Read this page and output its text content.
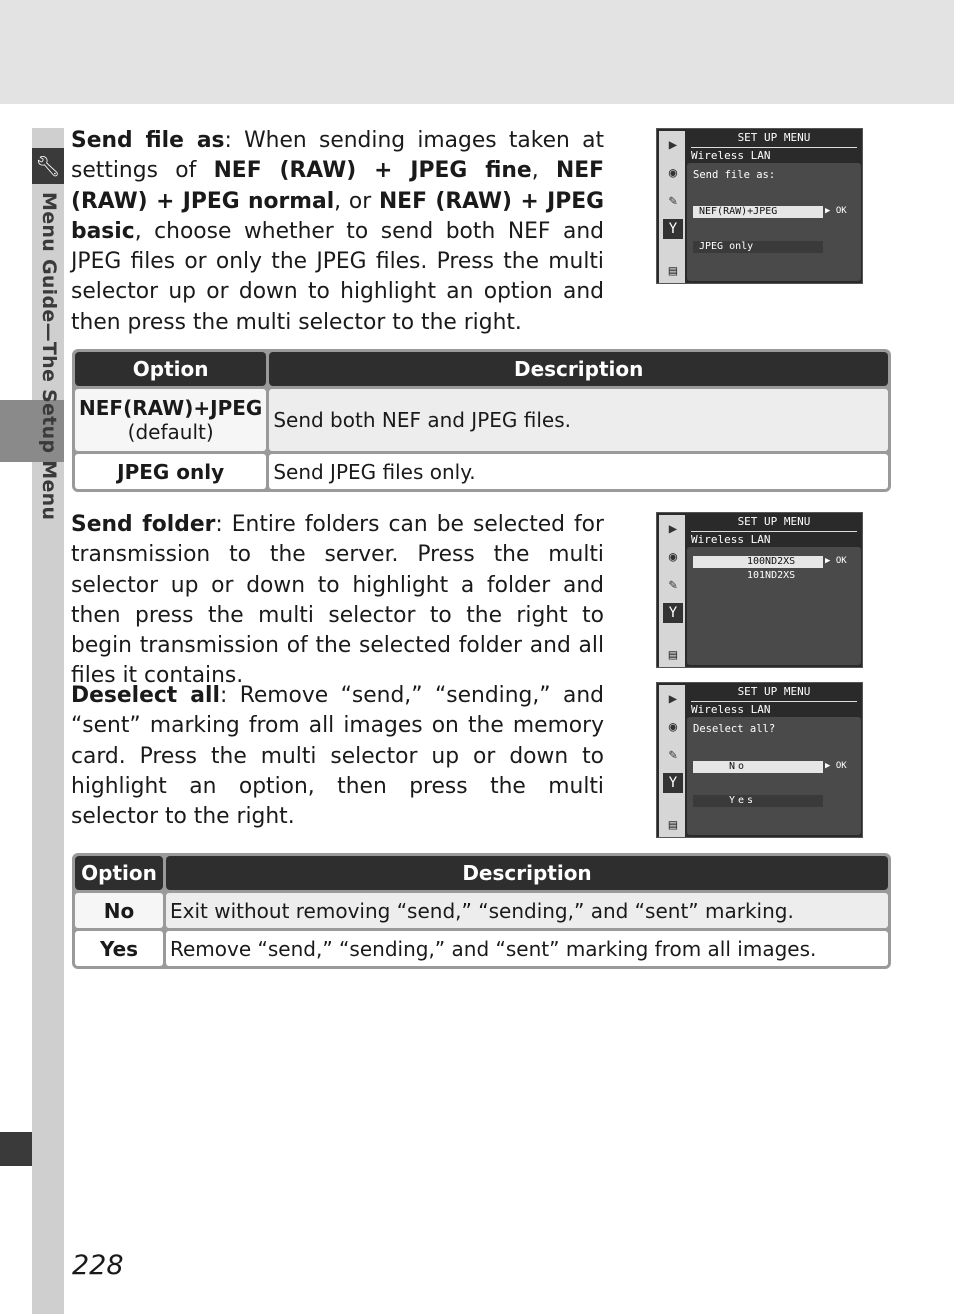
🔧︎
Menu Guide—The Setup Menu

Send file as: When sending images taken at settings of NEF (RAW) + JPEG fine, NEF (RAW) + JPEG normal, or NEF (RAW) + JPEG basic, choose whether to send both NEF and JPEG files or only the JPEG files. Press the multi selector up or down to highlight an option and then press the multi selector to the right.

▶
◉
✎
Y
▤
SET UP MENU
Wireless LAN
Send file as:
NEF(RAW)+JPEG	▶ OK
JPEG only
Option	Description
NEF(RAW)+JPEG
(default)	Send both NEF and JPEG files.
JPEG only	Send JPEG files only.

Send folder: Entire folders can be selected for transmission to the server. Press the multi selector up or down to highlight a folder and then press the multi selector to the right to begin transmission of the selected folder and all files it contains.

▶
◉
✎
Y
▤
SET UP MENU
Wireless LAN
100ND2XS	▶ OK
101ND2XS

Deselect all: Remove “send,” “sending,” and “sent” marking from all images on the memory card. Press the multi selector up or down to highlight an option, then press the multi selector to the right.

▶
◉
✎
Y
▤
SET UP MENU
Wireless LAN
Deselect all?
No	▶ OK
Yes
Option	Description
No	Exit without removing “send,” “sending,” and “sent” marking.
Yes	Remove “send,” “sending,” and “sent” marking from all images.
228
